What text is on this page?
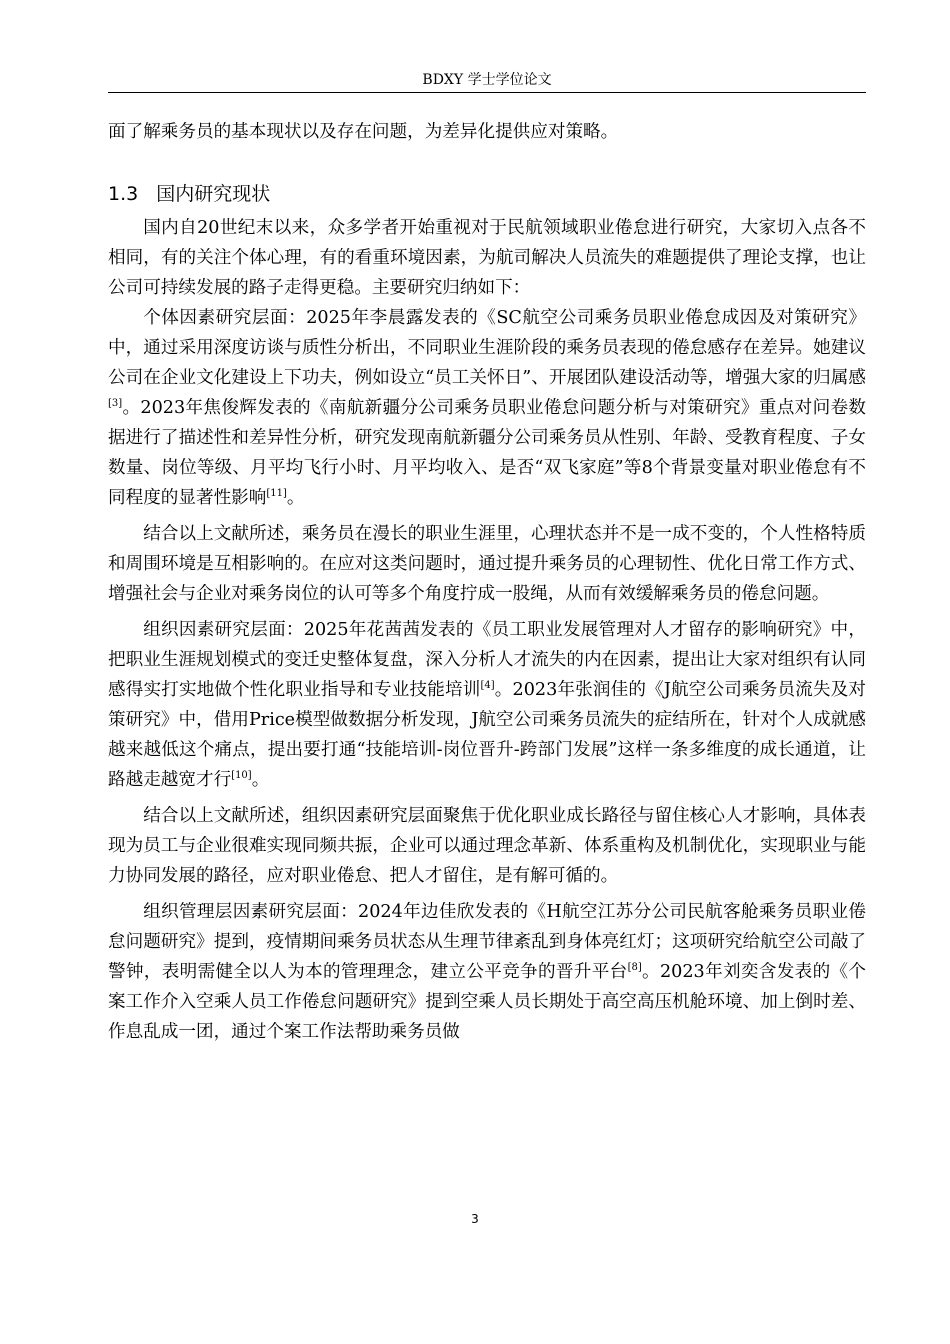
BDXY 学士学位论文

面了解乘务员的基本现状以及存在问题，为差异化提供应对策略。

1.3 国内研究现状

国内自20世纪末以来，众多学者开始重视对于民航领域职业倦怠进行研究，大家切入点各不相同，有的关注个体心理，有的看重环境因素，为航司解决人员流失的难题提供了理论支撑，也让公司可持续发展的路子走得更稳。主要研究归纳如下：

个体因素研究层面：2025年李晨露发表的《SC航空公司乘务员职业倦怠成因及对策研究》中，通过采用深度访谈与质性分析出，不同职业生涯阶段的乘务员表现的倦怠感存在差异。她建议公司在企业文化建设上下功夫，例如设立“员工关怀日”、开展团队建设活动等，增强大家的归属感[3]。2023年焦俊辉发表的《南航新疆分公司乘务员职业倦怠问题分析与对策研究》重点对问卷数据进行了描述性和差异性分析，研究发现南航新疆分公司乘务员从性别、年龄、受教育程度、子女数量、岗位等级、月平均飞行小时、月平均收入、是否“双飞家庭”等8个背景变量对职业倦怠有不同程度的显著性影响[11]。

结合以上文献所述，乘务员在漫长的职业生涯里，心理状态并不是一成不变的，个人性格特质和周围环境是互相影响的。在应对这类问题时，通过提升乘务员的心理韧性、优化日常工作方式、增强社会与企业对乘务岗位的认可等多个角度拧成一股绳，从而有效缓解乘务员的倦怠问题。

组织因素研究层面：2025年花茜茜发表的《员工职业发展管理对人才留存的影响研究》中，把职业生涯规划模式的变迁史整体复盘，深入分析人才流失的内在因素，提出让大家对组织有认同感得实打实地做个性化职业指导和专业技能培训[4]。2023年张润佳的《J航空公司乘务员流失及对策研究》中，借用Price模型做数据分析发现，J航空公司乘务员流失的症结所在，针对个人成就感越来越低这个痛点，提出要打通“技能培训-岗位晋升-跨部门发展”这样一条多维度的成长通道，让路越走越宽才行[10]。

结合以上文献所述，组织因素研究层面聚焦于优化职业成长路径与留住核心人才影响，具体表现为员工与企业很难实现同频共振，企业可以通过理念革新、体系重构及机制优化，实现职业与能力协同发展的路径，应对职业倦怠、把人才留住，是有解可循的。

组织管理层因素研究层面：2024年边佳欣发表的《H航空江苏分公司民航客舱乘务员职业倦怠问题研究》提到，疫情期间乘务员状态从生理节律紊乱到身体亮红灯；这项研究给航空公司敲了警钟，表明需健全以人为本的管理理念，建立公平竞争的晋升平台[8]。2023年刘奕含发表的《个案工作介入空乘人员工作倦怠问题研究》提到空乘人员长期处于高空高压机舱环境、加上倒时差、作息乱成一团，通过个案工作法帮助乘务员做

3
